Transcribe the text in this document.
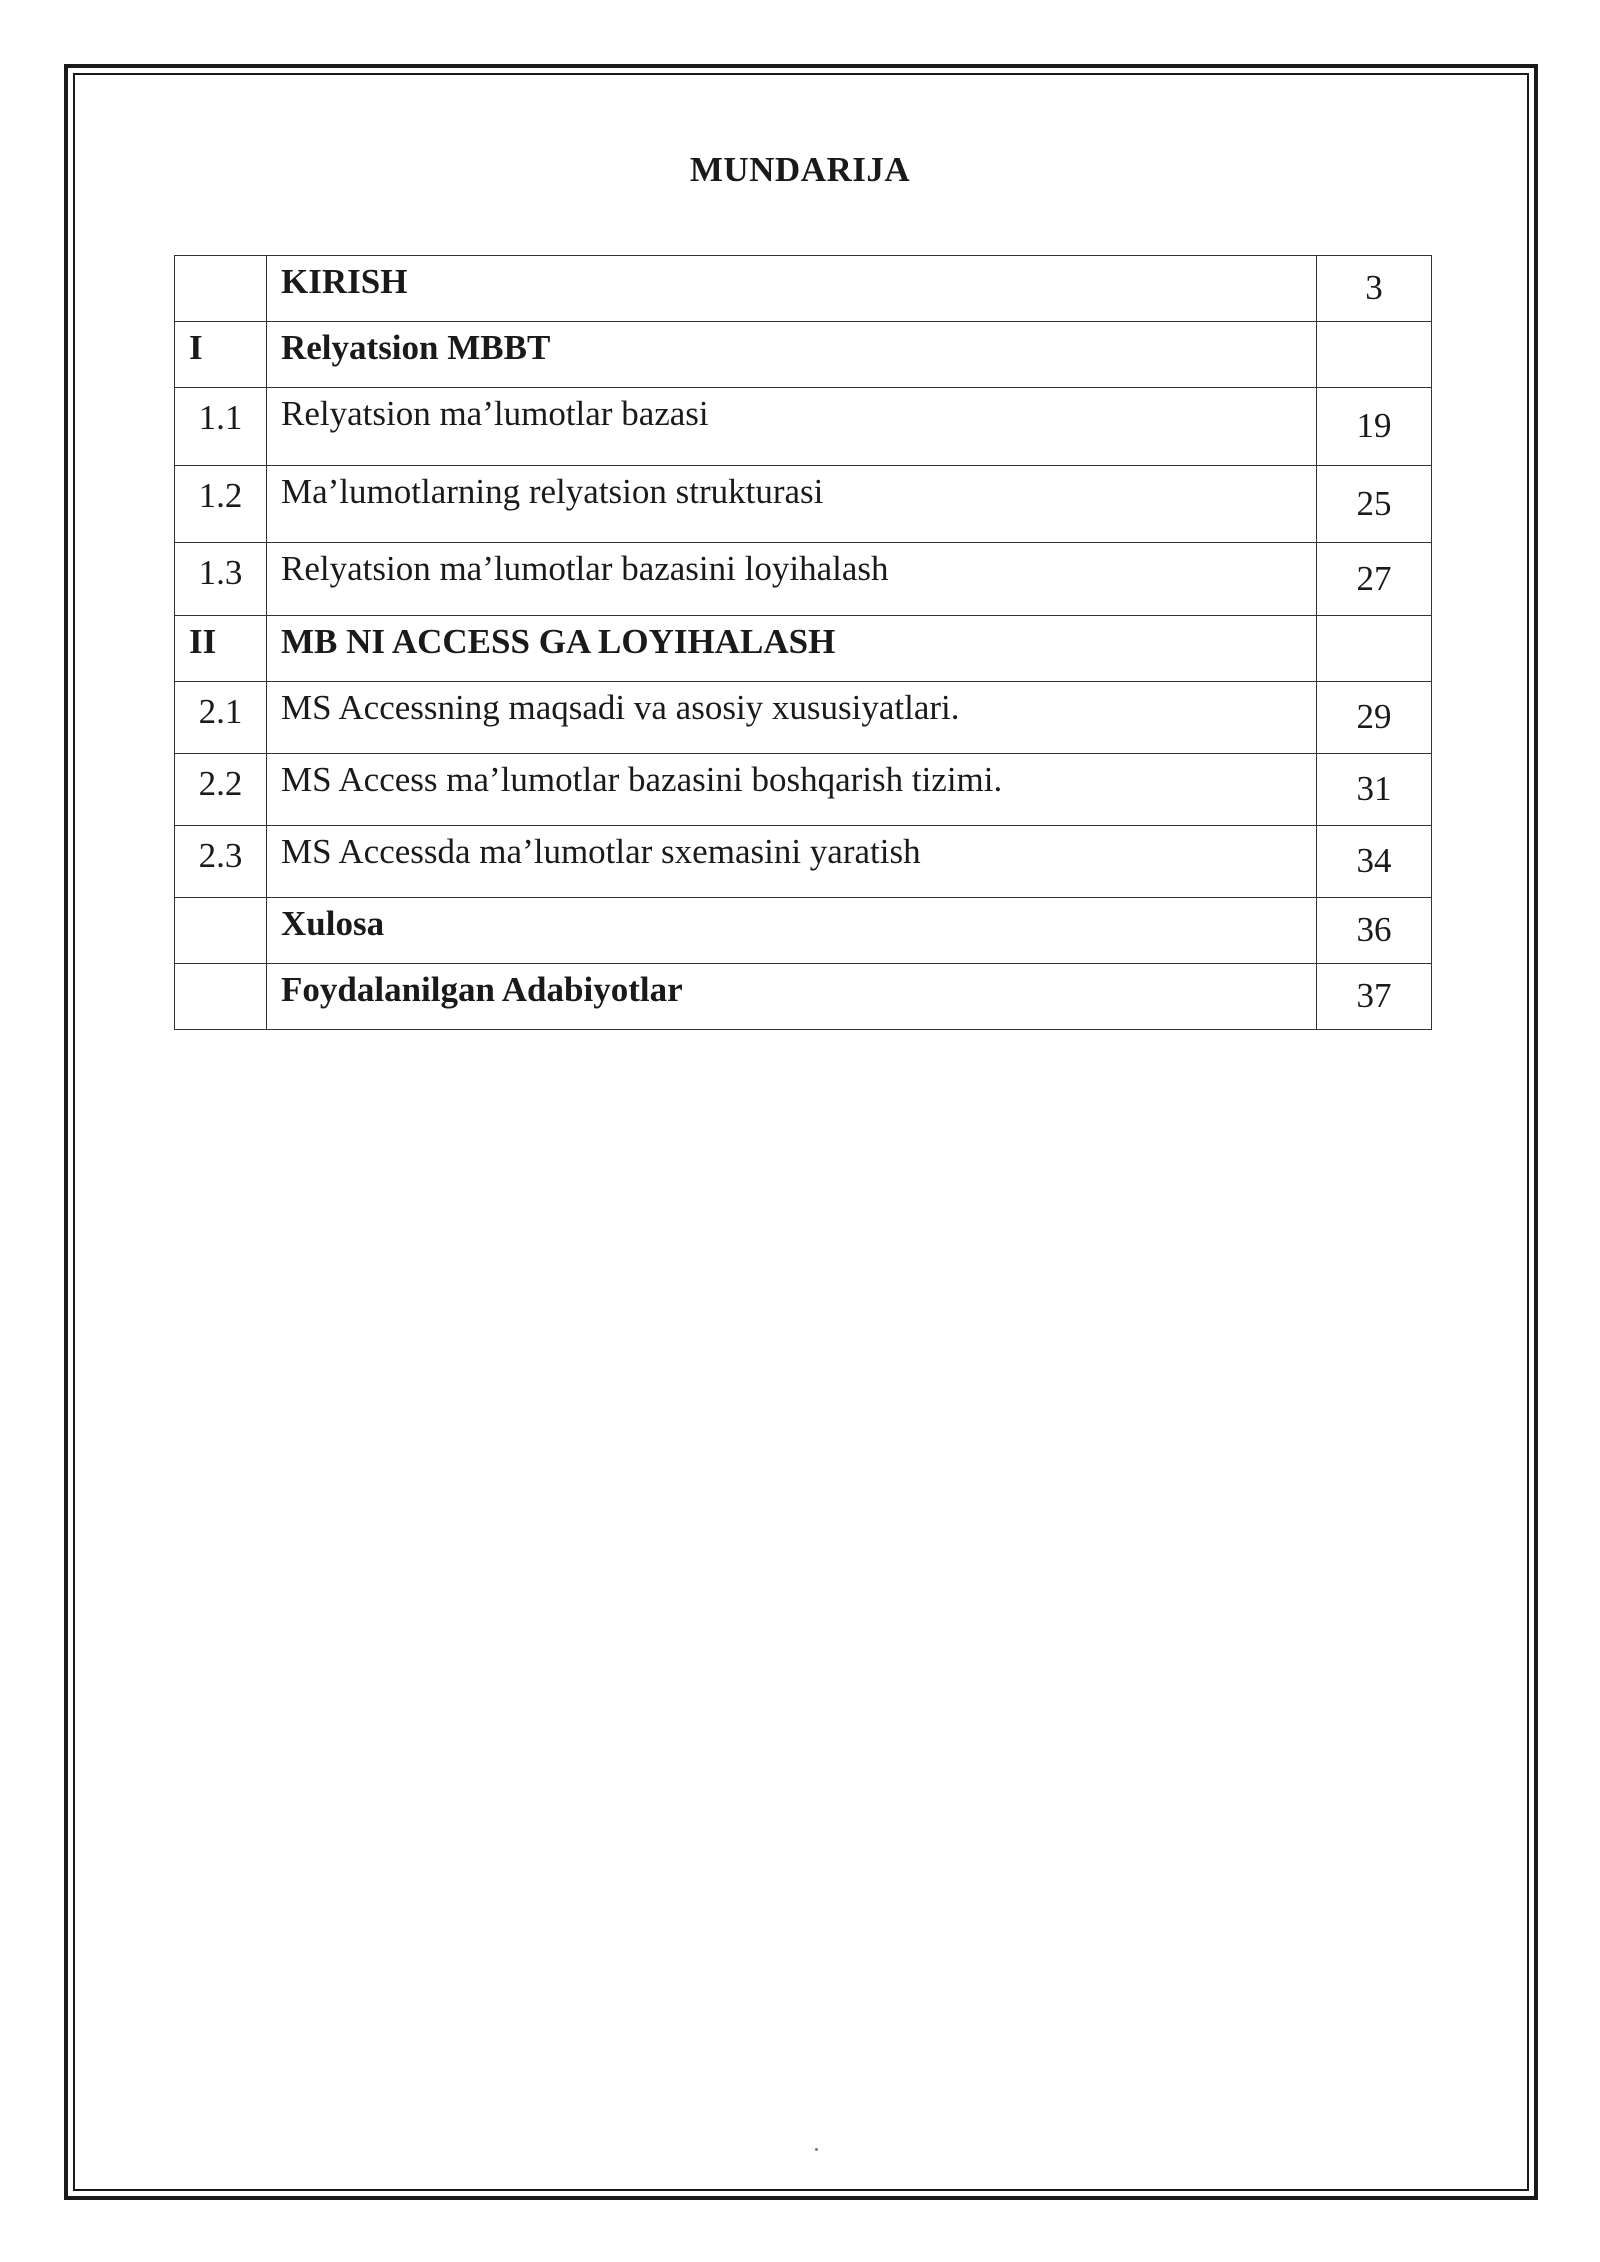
MUNDARIJA
	KIRISH	3
I	Relyatsion MBBT	
1.1	Relyatsion ma’lumotlar bazasi	19
1.2	Ma’lumotlarning relyatsion strukturasi	25
1.3	Relyatsion ma’lumotlar bazasini loyihalash	27
II	MB NI ACCESS GA LOYIHALASH	
2.1	MS Accessning maqsadi va asosiy xususiyatlari.	29
2.2	MS Access ma’lumotlar bazasini boshqarish tizimi.	31
2.3	MS Accessda ma’lumotlar sxemasini yaratish	34
	Xulosa	36
	Foydalanilgan Adabiyotlar	37
